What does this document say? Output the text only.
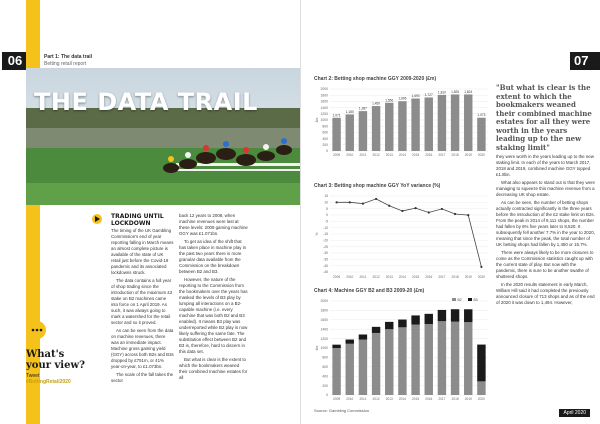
06	Part 1: The data trail
Betting retail report
THE DATA TRAIL
What's your view?
Tweet
#BettingRetail2020
TRADING UNTIL LOCKDOWN

The timing of the UK Gambling Commission's end of year reporting falling in March means an almost complete picture is available of the state of UK retail just before the Covid-19 pandemic and its associated lockdowns struck.

The data contains a full year of shop trading since the introduction of the maximum £2 stake on B2 machines came into force on 1 April 2019. As such, it was always going to mark a watershed for the retail sector and so it proved.

As can be seen from the data on machine revenues, there was an immediate impact. Machine gross gaming yield (GGY) across both B2s and B3s dropped by £751m, or 41% year-on-year, to £1.073bn.

The scale of the fall takes the sector

back 12 years to 2008, when machine revenues were last at these levels: 2009 gaming machine GGY was £1.071bn.

To get an idea of the shift that has taken place in machine play in the past two years there is more granular data available from the Commission on the breakdown between B2 and B3.

However, the nature of the reporting to the Commission from the bookmakers over the years has masked the levels of B3 play by lumping all interactions on a B2-capable machine (i.e. every machine that was both B2 and B3 enabled). It means B3 play was underreported while B2 play is now likely suffering the same fate. The substitution effect between B2 and B3 is, therefore, hard to discern in this data set.

But what is clear is the extent to which the bookmakers weaned their combined machine estates for all

07
Chart 2: Betting shop machine GGY 2009-2020 (£m)
0
200
400
600
800
1000
1200
1400
1600
1800
2000
1,071
2009
1,180
2010
1,287
2011
1,450
2012
1,556
2013
1,606
2014
1,693
2015
1,727
2016
1,810
2017
1,825
2018
1,824
2019
1,073
2020
£m
Chart 3: Betting shop machine GGY YoY variance (%)
15
10
5
0
-5
-10
-15
-20
-25
-30
-35
-40
-45
2009 2010 2011 2012 2013 2014 2015 2016 2017 2018 2019 2020
%
Chart 4: Machine GGY B2 and B3 2009-20 (£m)
0
200
400
600
800
1000
1200
1400
1600
1800
2000
2009 2010 2011 2012 2013 2014 2015 2016 2017 2018 2019 2020
B2	B3
£m
"But what is clear is the extent to which the bookmakers weaned their combined machine estates for all they were worth in the years leading up to the new staking limit"

they were worth in the years leading up to the new staking limit. In each of the years to March 2017, 2018 and 2019, combined machine GGY topped £1.8bn.

What also appears to stand out is that they were managing to squeeze this machine revenue from a decreasing UK shop estate.

As can be seen, the number of betting shops actually contracted significantly in the three years before the introduction of the £2 stake limit on B2s. From the peak in 2014 of 9,111 shops, the number had fallen by 6% five years later to 8,520. It subsequently fell another 7.7% in the year to 2020, meaning that since the peak, the total number of UK betting shops had fallen by 1,450 or 15.7%.

There were always likely to be more closures to come as the Commission statistics caught up with the current state of play. But now with the pandemic, there is sure to be another swathe of shuttered shops.

In the 2020 results statement in early March, William Hill said it had completed the previously announced closure of 713 shops and as of the end of 2020 it was down to 1,494. However,

Source: Gambling Commission	April 2020
